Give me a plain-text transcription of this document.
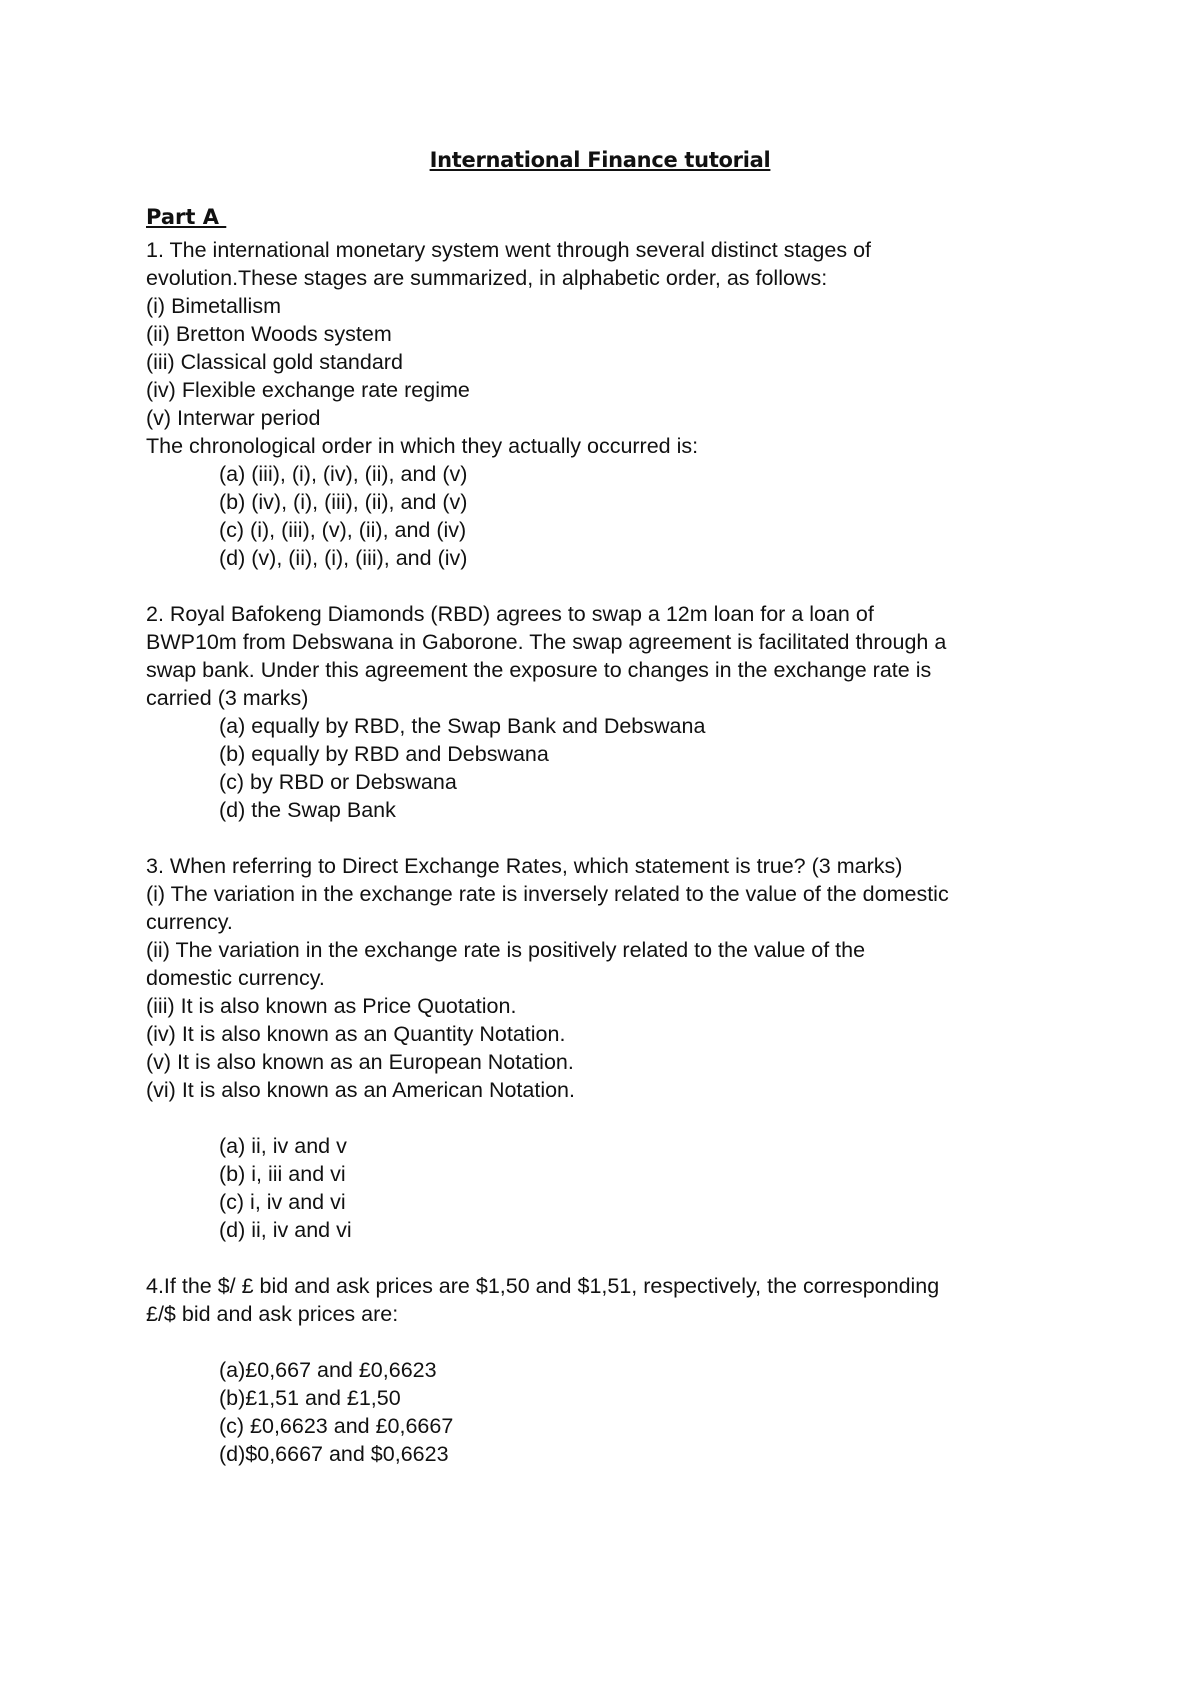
International Finance tutorial
Part A
1. The international monetary system went through several distinct stages of
evolution.These stages are summarized, in alphabetic order, as follows:
(i) Bimetallism
(ii) Bretton Woods system
(iii) Classical gold standard
(iv) Flexible exchange rate regime
(v) Interwar period
The chronological order in which they actually occurred is:
(a) (iii), (i), (iv), (ii), and (v)
(b) (iv), (i), (iii), (ii), and (v)
(c) (i), (iii), (v), (ii), and (iv)
(d) (v), (ii), (i), (iii), and (iv)
2. Royal Bafokeng Diamonds (RBD) agrees to swap a 12m loan for a loan of
BWP10m from Debswana in Gaborone. The swap agreement is facilitated through a
swap bank. Under this agreement the exposure to changes in the exchange rate is
carried (3 marks)
(a) equally by RBD, the Swap Bank and Debswana
(b) equally by RBD and Debswana
(c) by RBD or Debswana
(d) the Swap Bank
3. When referring to Direct Exchange Rates, which statement is true? (3 marks)
(i) The variation in the exchange rate is inversely related to the value of the domestic
currency.
(ii) The variation in the exchange rate is positively related to the value of the
domestic currency.
(iii) It is also known as Price Quotation.
(iv) It is also known as an Quantity Notation.
(v) It is also known as an European Notation.
(vi) It is also known as an American Notation.
(a) ii, iv and v
(b) i, iii and vi
(c) i, iv and vi
(d) ii, iv and vi
4.If the $/ £ bid and ask prices are $1,50 and $1,51, respectively, the corresponding
£/$ bid and ask prices are:
(a)£0,667 and £0,6623
(b)£1,51 and £1,50
(c) £0,6623 and £0,6667
(d)$0,6667 and $0,6623
